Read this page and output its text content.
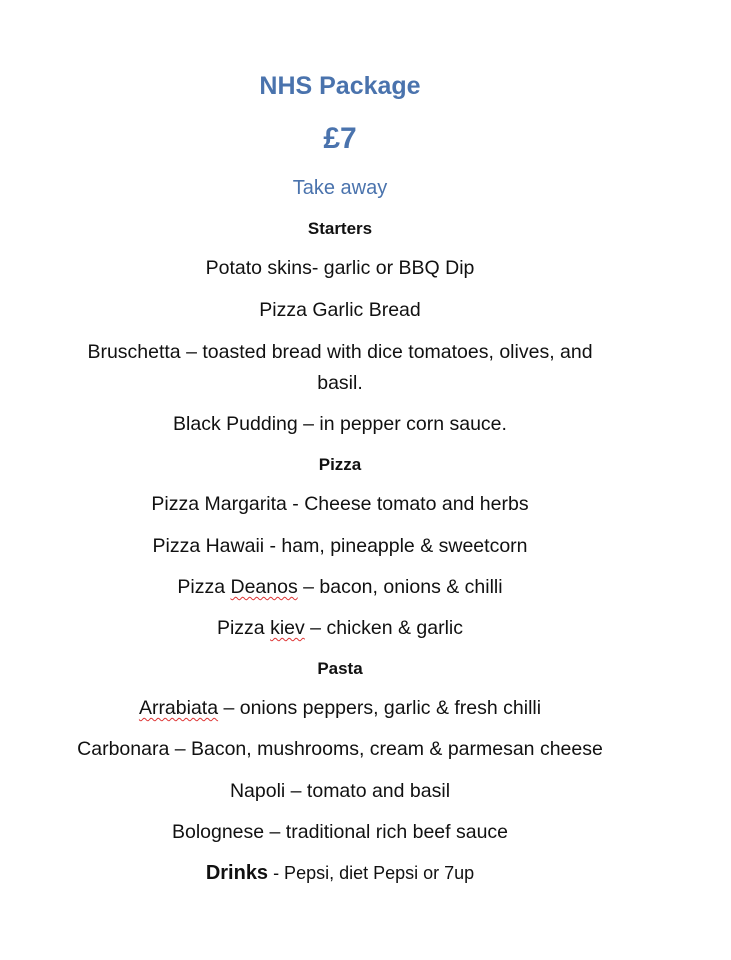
NHS Package
£7
Take away
Starters
Potato skins- garlic or BBQ Dip
Pizza Garlic Bread
Bruschetta – toasted bread with dice tomatoes, olives, and
basil.
Black Pudding – in pepper corn sauce.
Pizza
Pizza Margarita - Cheese tomato and herbs
Pizza Hawaii - ham, pineapple & sweetcorn
Pizza Deanos – bacon, onions & chilli
Pizza kiev – chicken & garlic
Pasta
Arrabiata – onions peppers, garlic & fresh chilli
Carbonara – Bacon, mushrooms, cream & parmesan cheese
Napoli – tomato and basil
Bolognese – traditional rich beef sauce
Drinks - Pepsi, diet Pepsi or 7up
